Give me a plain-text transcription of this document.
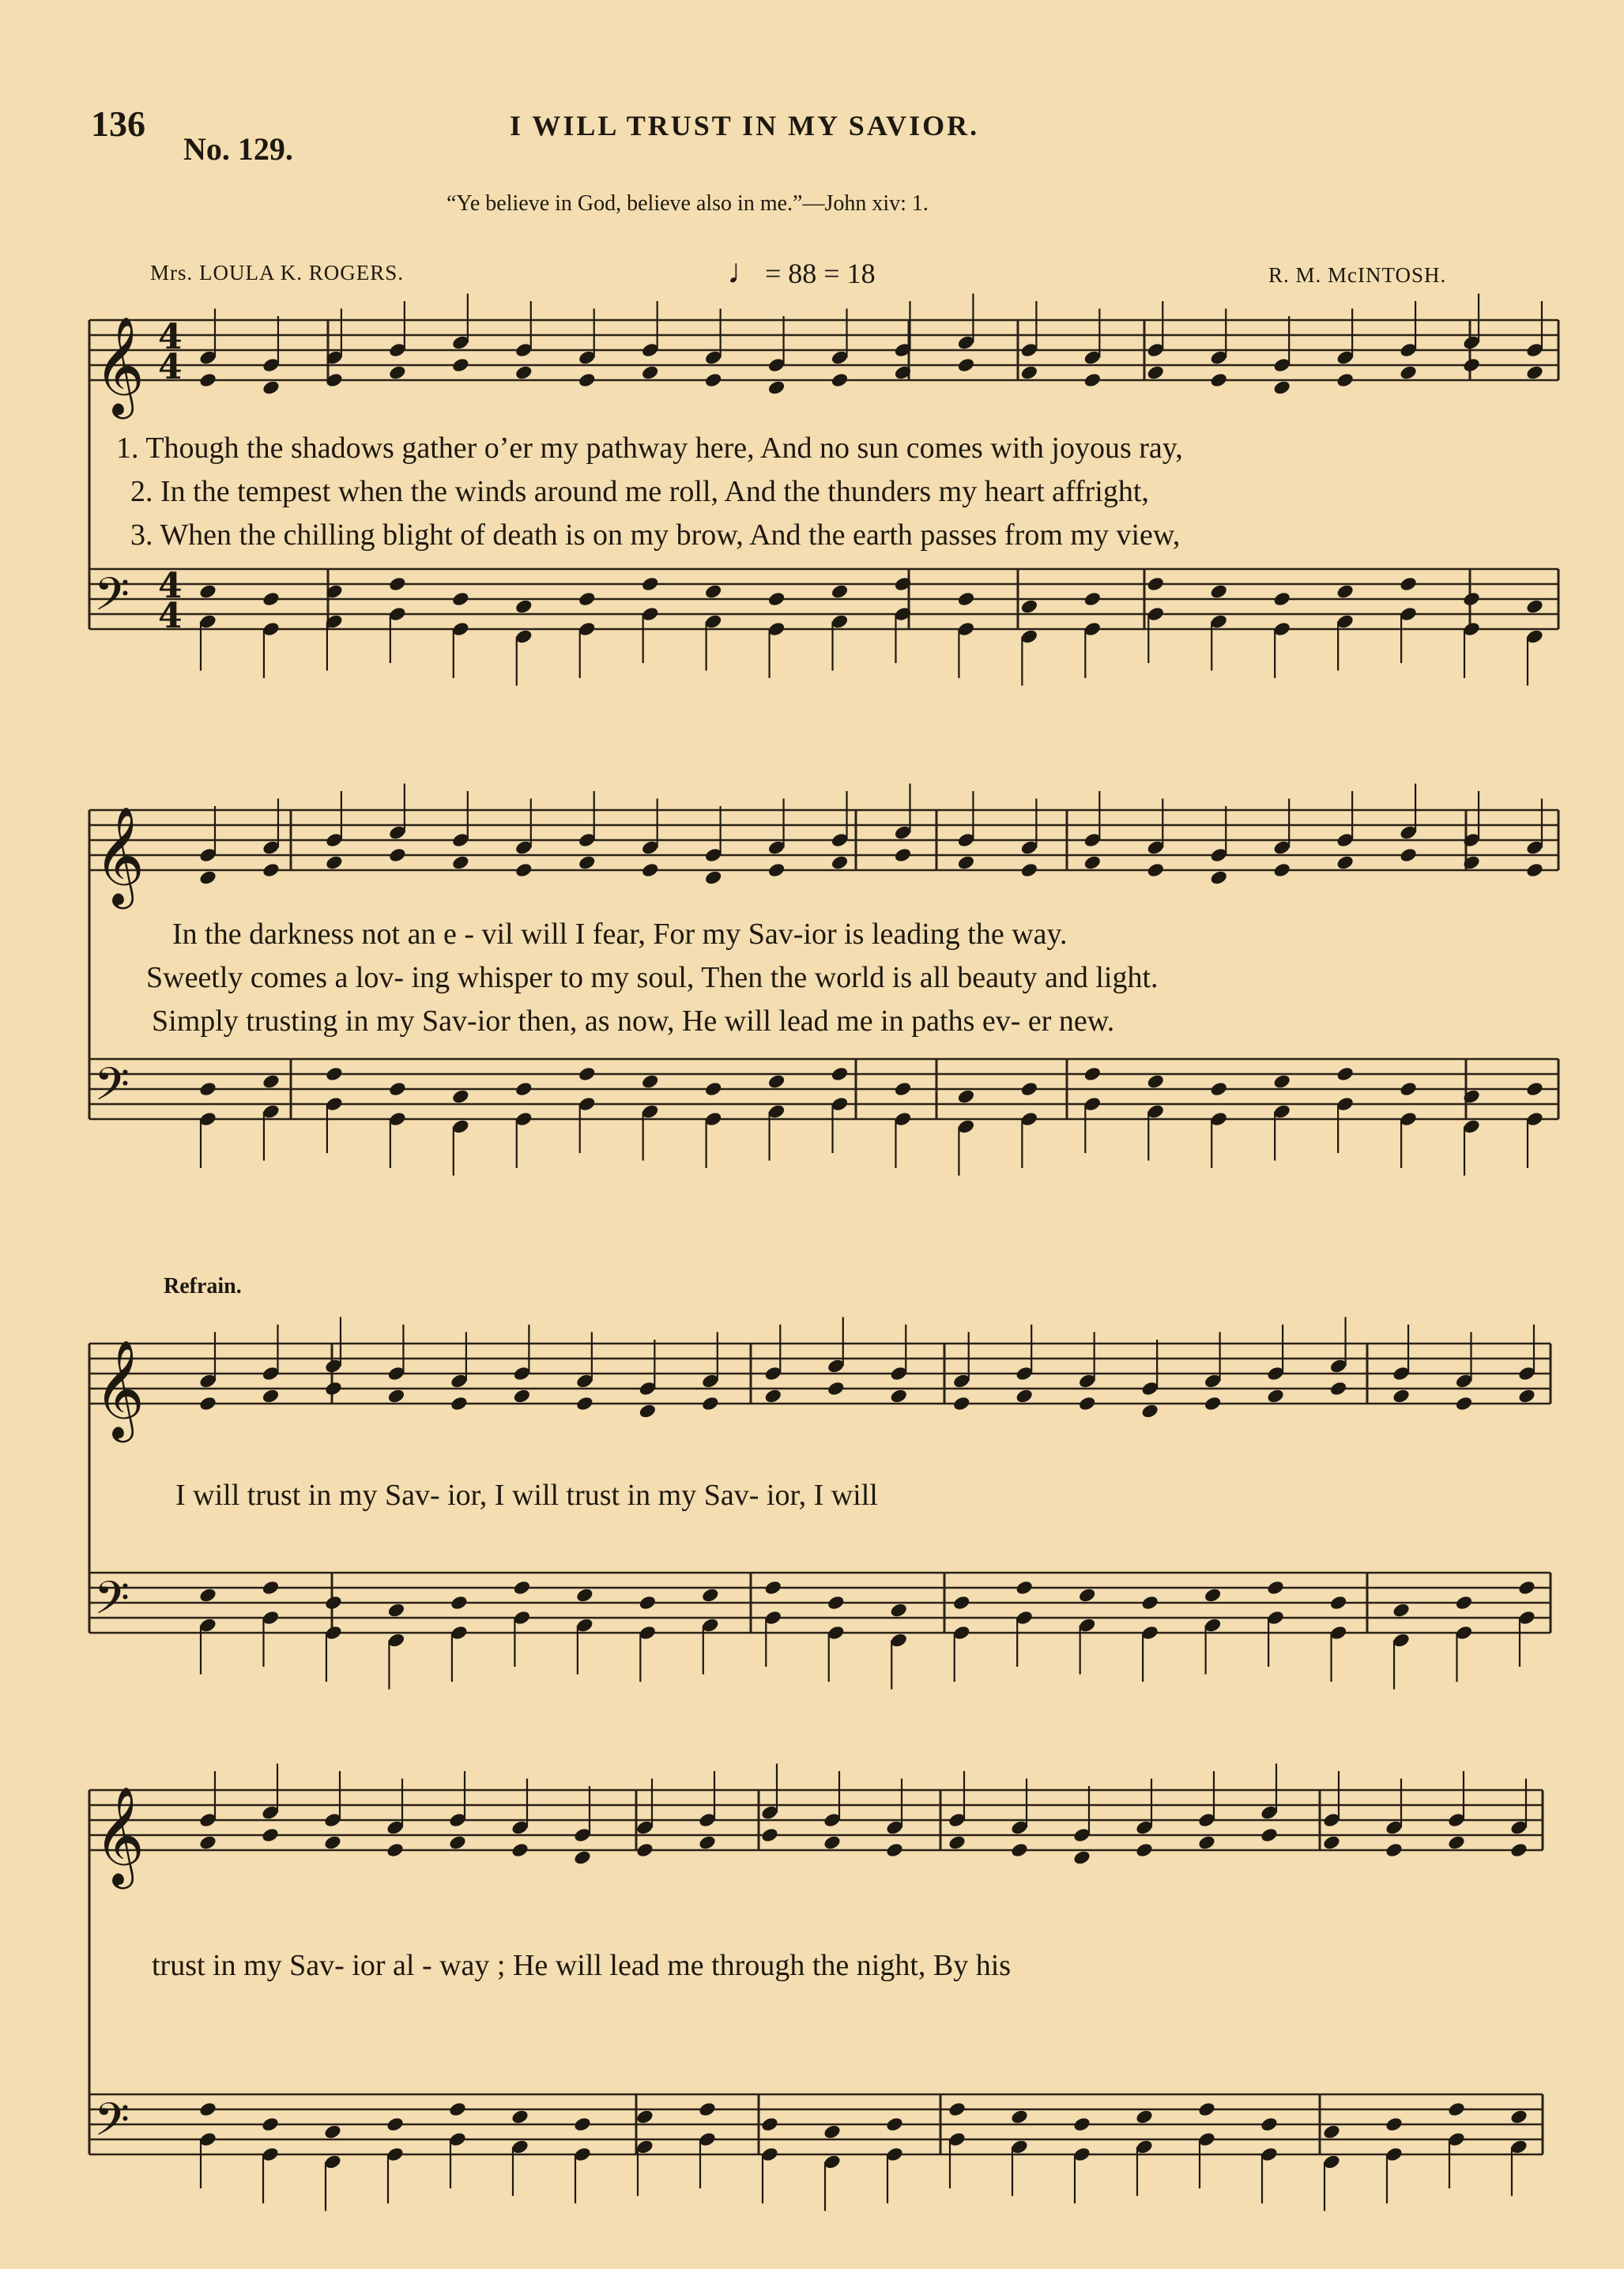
136
No. 129.
I WILL TRUST IN MY SAVIOR.
“Ye believe in God, believe also in me.”—John xiv: 1.
Mrs. LOULA K. ROGERS.	♩ = 88 = 18	R. M. McINTOSH.
Refrain.
1. Though the shadows gather o’er my pathway here, And no sun comes with joyous ray,
2. In the tempest when the winds around me roll, And the thunders my heart affright,
3. When the chilling blight of death is on my brow, And the earth passes from my view,
In the darkness not an e - vil will I fear, For my Sav-ior is leading the way.
Sweetly comes a lov- ing whisper to my soul, Then the world is all beauty and light.
Simply trusting in my Sav-ior then, as now, He will lead me in paths ev- er new.
I will trust in my Sav- ior, I will trust in my Sav- ior, I will
trust in my Sav- ior al - way ; He will lead me through the night, By his
𝄞
𝄢
𝄞
𝄢
𝄞
𝄢
𝄞
𝄢
4
4
4
4
